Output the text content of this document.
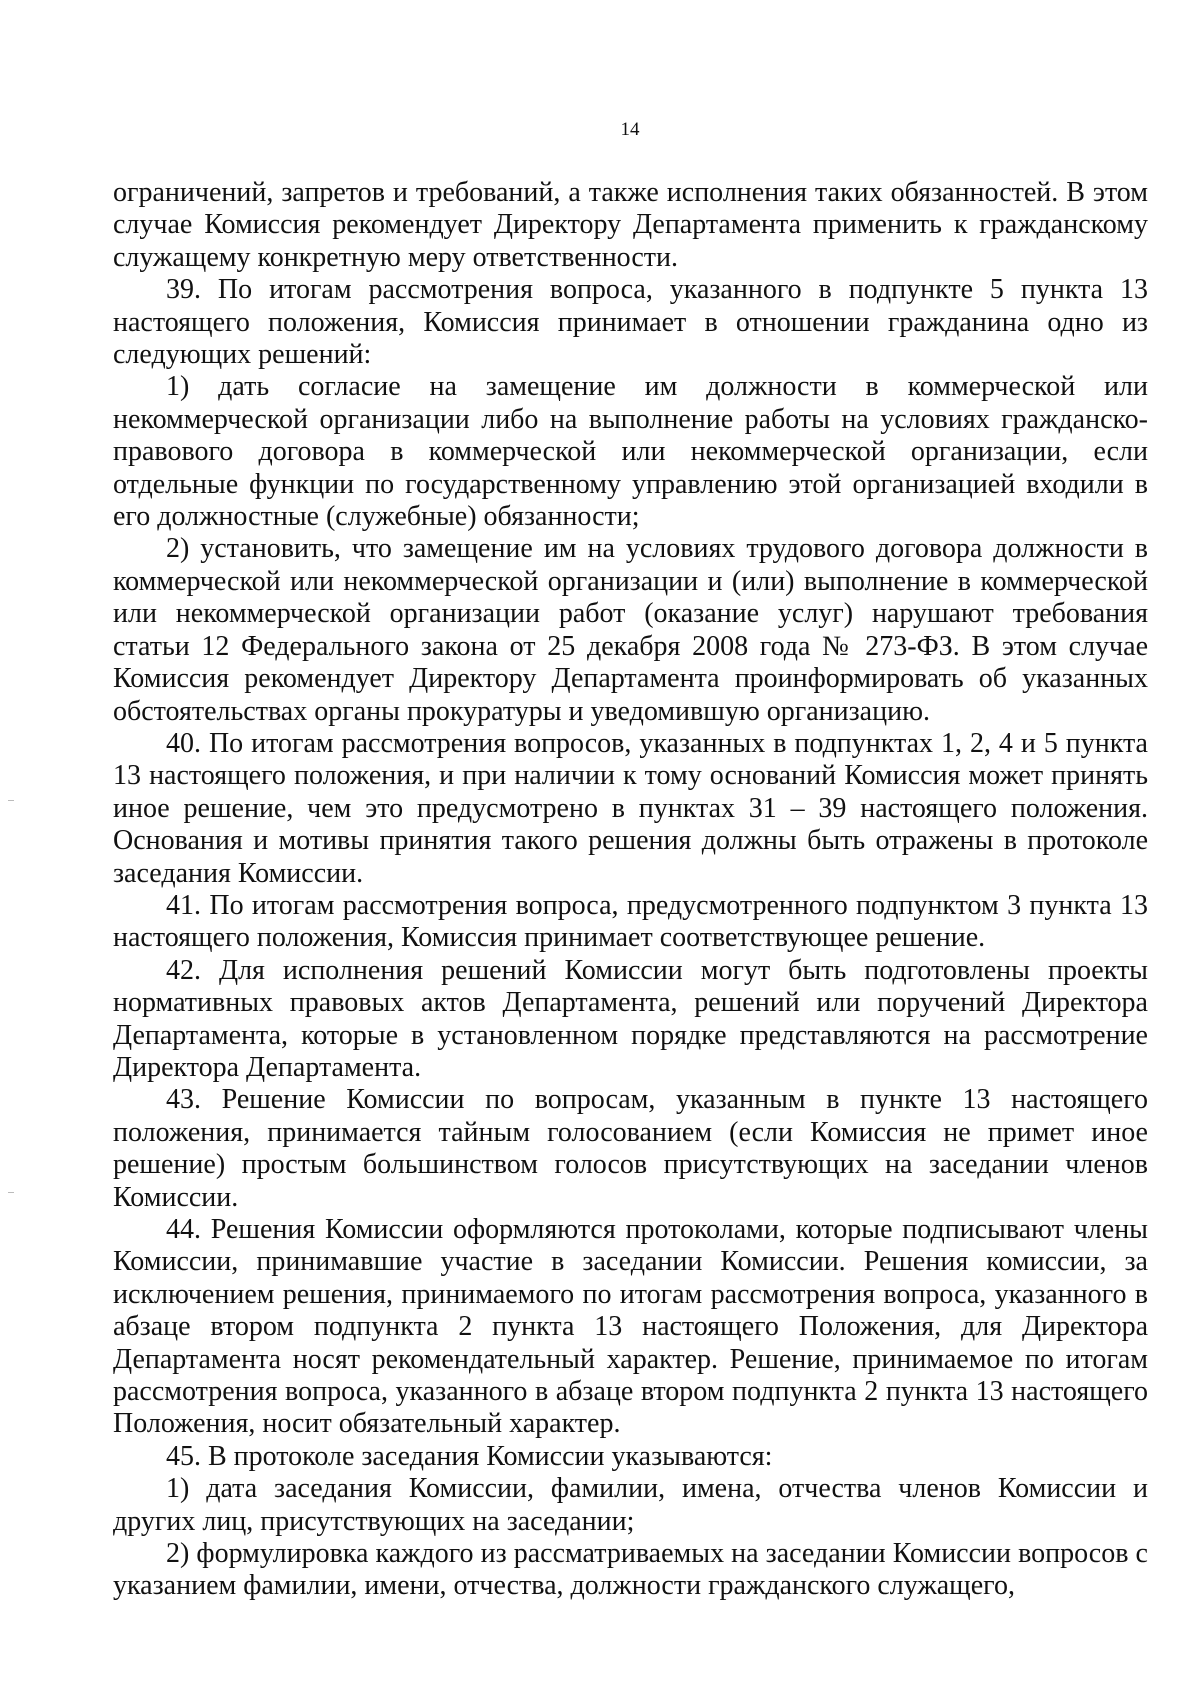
14

ограничений, запретов и требований, а также исполнения таких обязанностей. В этом случае Комиссия рекомендует Директору Департамента применить к гражданскому служащему конкретную меру ответственности.

39. По итогам рассмотрения вопроса, указанного в подпункте 5 пункта 13 настоящего положения, Комиссия принимает в отношении гражданина одно из следующих решений:

1) дать согласие на замещение им должности в коммерческой или некоммерческой организации либо на выполнение работы на условиях гражданско-правового договора в коммерческой или некоммерческой организации, если отдельные функции по государственному управлению этой организацией входили в его должностные (служебные) обязанности;

2) установить, что замещение им на условиях трудового договора должности в коммерческой или некоммерческой организации и (или) выполнение в коммерческой или некоммерческой организации работ (оказание услуг) нарушают требования статьи 12 Федерального закона от 25 декабря 2008 года № 273-ФЗ. В этом случае Комиссия рекомендует Директору Департамента проинформировать об указанных обстоятельствах органы прокуратуры и уведомившую организацию.

40. По итогам рассмотрения вопросов, указанных в подпунктах 1, 2, 4 и 5 пункта 13 настоящего положения, и при наличии к тому оснований Комиссия может принять иное решение, чем это предусмотрено в пунктах 31 – 39 настоящего положения. Основания и мотивы принятия такого решения должны быть отражены в протоколе заседания Комиссии.

41. По итогам рассмотрения вопроса, предусмотренного подпунктом 3 пункта 13 настоящего положения, Комиссия принимает соответствующее решение.

42. Для исполнения решений Комиссии могут быть подготовлены проекты нормативных правовых актов Департамента, решений или поручений Директора Департамента, которые в установленном порядке представляются на рассмотрение Директора Департамента.

43. Решение Комиссии по вопросам, указанным в пункте 13 настоящего положения, принимается тайным голосованием (если Комиссия не примет иное решение) простым большинством голосов присутствующих на заседании членов Комиссии.

44. Решения Комиссии оформляются протоколами, которые подписывают члены Комиссии, принимавшие участие в заседании Комиссии. Решения комиссии, за исключением решения, принимаемого по итогам рассмотрения вопроса, указанного в абзаце втором подпункта 2 пункта 13 настоящего Положения, для Директора Департамента носят рекомендательный характер. Решение, принимаемое по итогам рассмотрения вопроса, указанного в абзаце втором подпункта 2 пункта 13 настоящего Положения, носит обязательный характер.

45. В протоколе заседания Комиссии указываются:

1) дата заседания Комиссии, фамилии, имена, отчества членов Комиссии и других лиц, присутствующих на заседании;

2) формулировка каждого из рассматриваемых на заседании Комиссии вопросов с указанием фамилии, имени, отчества, должности гражданского служащего,
